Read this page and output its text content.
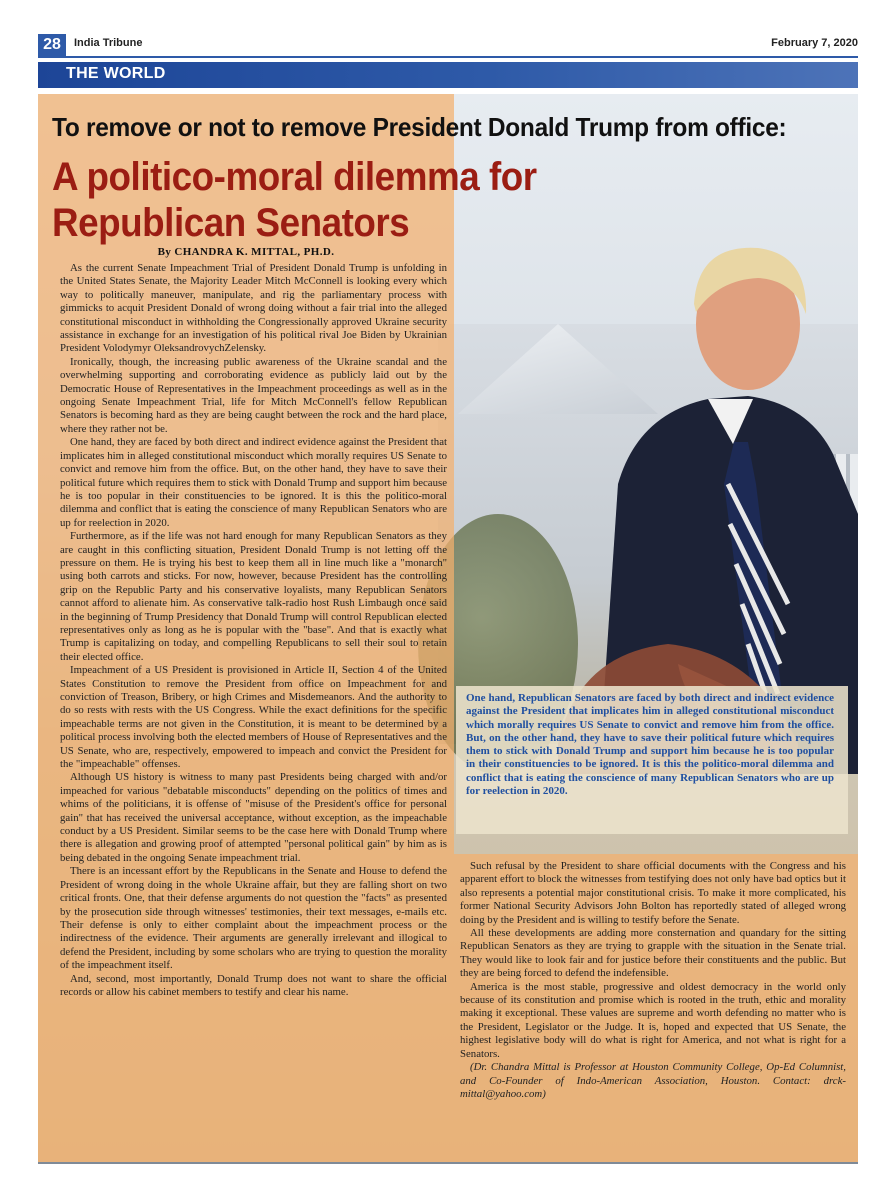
28	India Tribune	February 7, 2020
THE WORLD
To remove or not to remove President Donald Trump from office:
A politico-moral dilemma for Republican Senators
By CHANDRA K. MITTAL, PH.D.

As the current Senate Impeachment Trial of President Donald Trump is unfolding in the United States Senate, the Majority Leader Mitch McConnell is looking every which way to politically maneuver, manipulate, and rig the parliamentary process with gimmicks to acquit President Donald of wrong doing without a fair trial into the alleged constitutional misconduct in withholding the Congressionally approved Ukraine security assistance in exchange for an investigation of his political rival Joe Biden by Ukrainian President Volodymyr OleksandrovychZelensky.

Ironically, though, the increasing public awareness of the Ukraine scandal and the overwhelming supporting and corroborating evidence as publicly laid out by the Democratic House of Representatives in the Impeachment proceedings as well as in the ongoing Senate Impeachment Trial, life for Mitch McConnell's fellow Republican Senators is becoming hard as they are being caught between the rock and the hard place, where they rather not be.

One hand, they are faced by both direct and indirect evidence against the President that implicates him in alleged constitutional misconduct which morally requires US Senate to convict and remove him from the office. But, on the other hand, they have to save their political future which requires them to stick with Donald Trump and support him because he is too popular in their constituencies to be ignored. It is this the politico-moral dilemma and conflict that is eating the conscience of many Republican Senators who are up for reelection in 2020.

Furthermore, as if the life was not hard enough for many Republican Senators as they are caught in this conflicting situation, President Donald Trump is not letting off the pressure on them. He is trying his best to keep them all in line much like a "monarch" using both carrots and sticks. For now, however, because President has the controlling grip on the Republic Party and his conservative loyalists, many Republican Senators cannot afford to alienate him. As conservative talk-radio host Rush Limbaugh once said in the beginning of Trump Presidency that Donald Trump will control Republican elected representatives only as long as he is popular with the "base". And that is exactly what Trump is capitalizing on today, and compelling Republicans to sell their soul to retain their elected office.

Impeachment of a US President is provisioned in Article II, Section 4 of the United States Constitution to remove the President from office on Impeachment for and conviction of Treason, Bribery, or high Crimes and Misdemeanors. And the authority to do so rests with rests with the US Congress. While the exact definitions for the specific impeachable terms are not given in the Constitution, it is meant to be determined by a political process involving both the elected members of House of Representatives and the US Senate, who are, respectively, empowered to impeach and convict the President for the "impeachable" offenses.

Although US history is witness to many past Presidents being charged with and/or impeached for various "debatable misconducts" depending on the politics of times and whims of the politicians, it is offense of "misuse of the President's office for personal gain" that has received the universal acceptance, without exception, as the impeachable conduct by a US President. Similar seems to be the case here with Donald Trump where there is allegation and growing proof of attempted "personal political gain" by him as is being debated in the ongoing Senate impeachment trial.

There is an incessant effort by the Republicans in the Senate and House to defend the President of wrong doing in the whole Ukraine affair, but they are falling short on two critical fronts. One, that their defense arguments do not question the "facts" as presented by the prosecution side through witnesses' testimonies, their text messages, e-mails etc. Their defense is only to either complaint about the impeachment process or the indirectness of the evidence. Their arguments are generally irrelevant and illogical to defend the President, including by some scholars who are trying to question the morality of the impeachment itself.

And, second, most importantly, Donald Trump does not want to share the official records or allow his cabinet members to testify and clear his name.

One hand, Republican Senators are faced by both direct and indirect evidence against the President that implicates him in alleged constitutional misconduct which morally requires US Senate to convict and remove him from the office. But, on the other hand, they have to save their political future which requires them to stick with Donald Trump and support him because he is too popular in their constituencies to be ignored. It is this the politico-moral dilemma and conflict that is eating the conscience of many Republican Senators who are up for reelection in 2020.

Such refusal by the President to share official documents with the Congress and his apparent effort to block the witnesses from testifying does not only have bad optics but it also represents a potential major constitutional crisis. To make it more complicated, his former National Security Advisors John Bolton has reportedly stated of alleged wrong doing by the President and is willing to testify before the Senate.

All these developments are adding more consternation and quandary for the sitting Republican Senators as they are trying to grapple with the situation in the Senate trial. They would like to look fair and for justice before their constituents and the public. But they are being forced to defend the indefensible.

America is the most stable, progressive and oldest democracy in the world only because of its constitution and promise which is rooted in the truth, ethic and morality making it exceptional. These values are supreme and worth defending no matter who is the President, Legislator or the Judge. It is, hoped and expected that US Senate, the highest legislative body will do what is right for America, and not what is right for a Senators.

(Dr. Chandra Mittal is Professor at Houston Community College, Op-Ed Columnist, and Co-Founder of Indo-American Association, Houston. Contact: drck-mittal@yahoo.com)
